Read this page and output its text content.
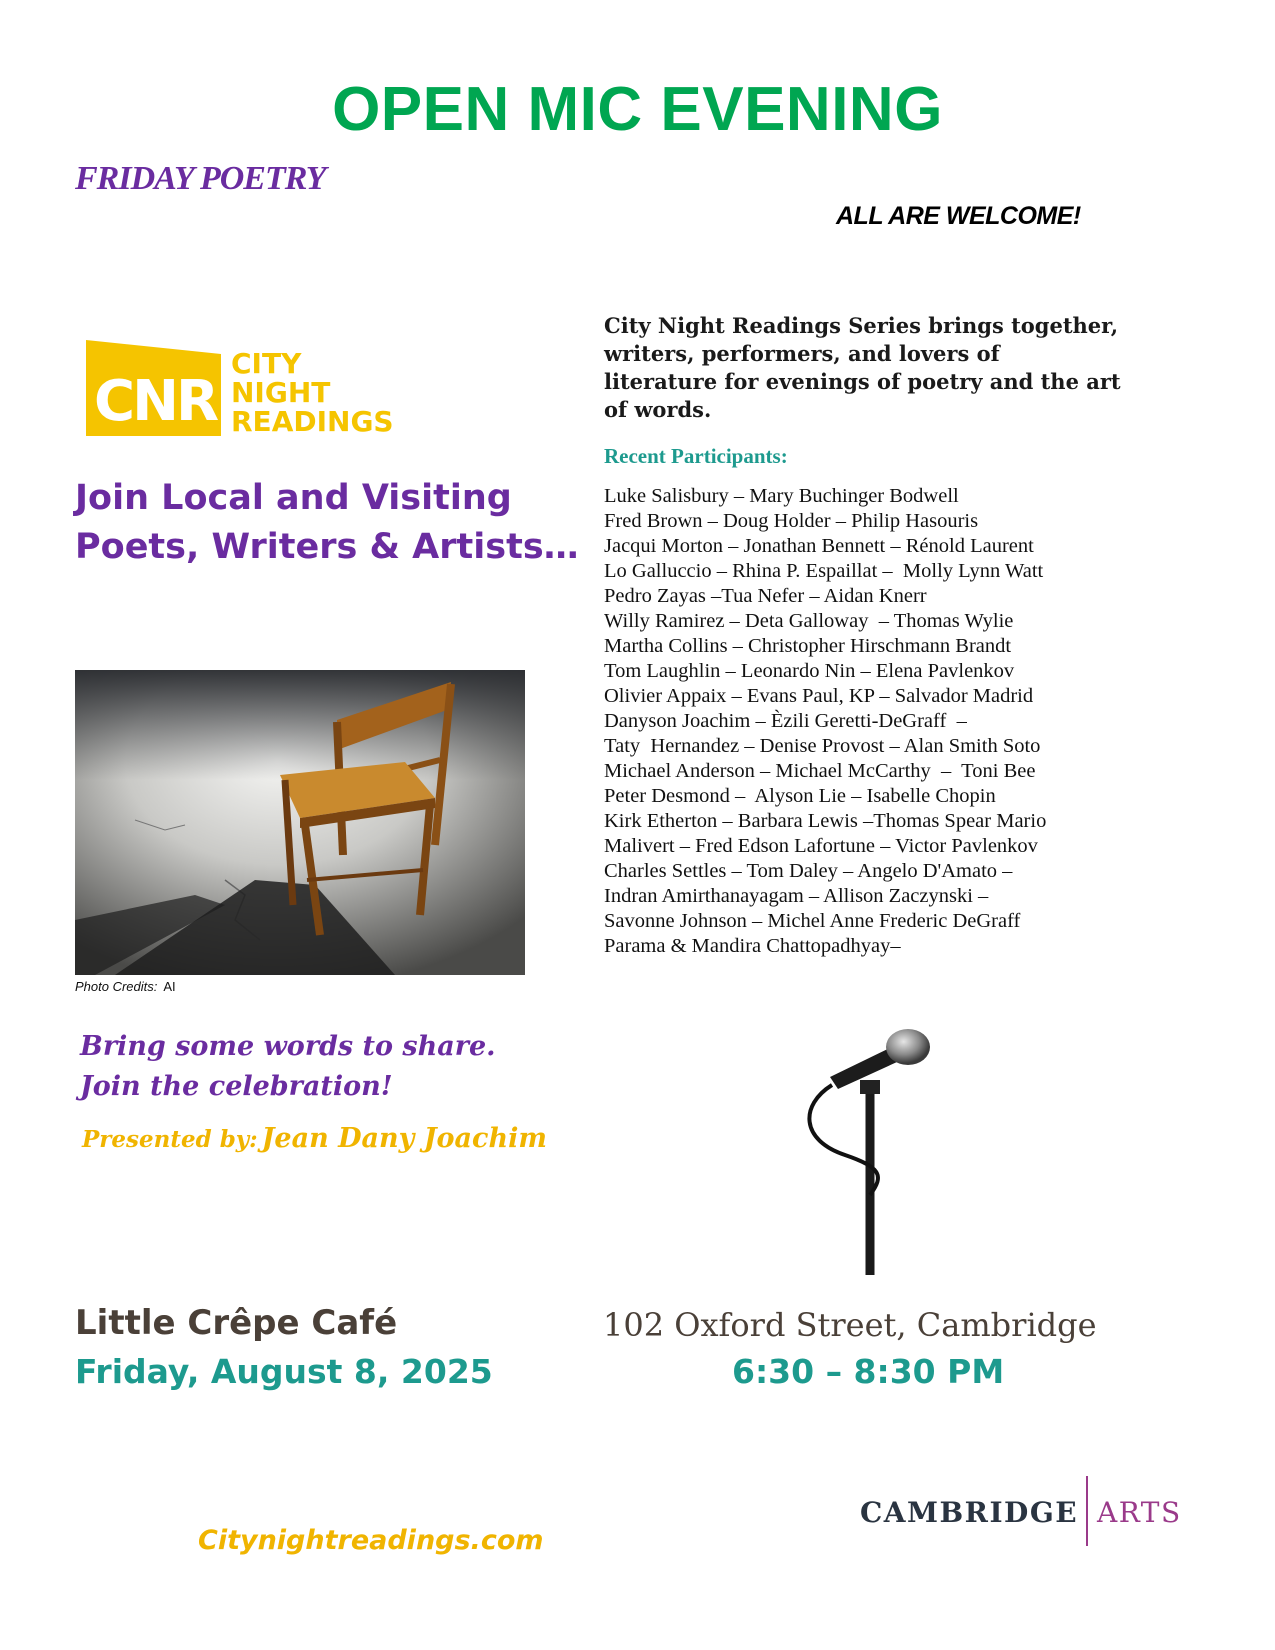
OPEN MIC EVENING
FRIDAY POETRY
ALL ARE WELCOME!
CNR
CITY
NIGHT
READINGS
Join Local and Visiting
Poets, Writers & Artists…
Photo Credits: AI
City Night Readings Series brings together,
writers, performers, and lovers of
literature for evenings of poetry and the art
of words.
Recent Participants:
Luke Salisbury – Mary Buchinger Bodwell
Fred Brown – Doug Holder – Philip Hasouris
Jacqui Morton – Jonathan Bennett – Rénold Laurent
Lo Galluccio – Rhina P. Espaillat –  Molly Lynn Watt
Pedro Zayas –Tua Nefer – Aidan Knerr
Willy Ramirez – Deta Galloway  – Thomas Wylie
Martha Collins – Christopher Hirschmann Brandt
Tom Laughlin – Leonardo Nin – Elena Pavlenkov
Olivier Appaix – Evans Paul, KP – Salvador Madrid
Danyson Joachim – Èzili Geretti-DeGraff  –
Taty  Hernandez – Denise Provost – Alan Smith Soto
Michael Anderson – Michael McCarthy  –  Toni Bee
Peter Desmond –  Alyson Lie – Isabelle Chopin
Kirk Etherton – Barbara Lewis –Thomas Spear Mario
Malivert – Fred Edson Lafortune – Victor Pavlenkov
Charles Settles – Tom Daley – Angelo D'Amato –
Indran Amirthanayagam – Allison Zaczynski –
Savonne Johnson – Michel Anne Frederic DeGraff
Parama & Mandira Chattopadhyay–
Bring some words to share.
Join the celebration!
Presented by: Jean Dany Joachim
Little Crêpe Café
Friday, August 8, 2025
102 Oxford Street, Cambridge
6:30 – 8:30 PM
Citynightreadings.com
CAMBRIDGE ARTS
